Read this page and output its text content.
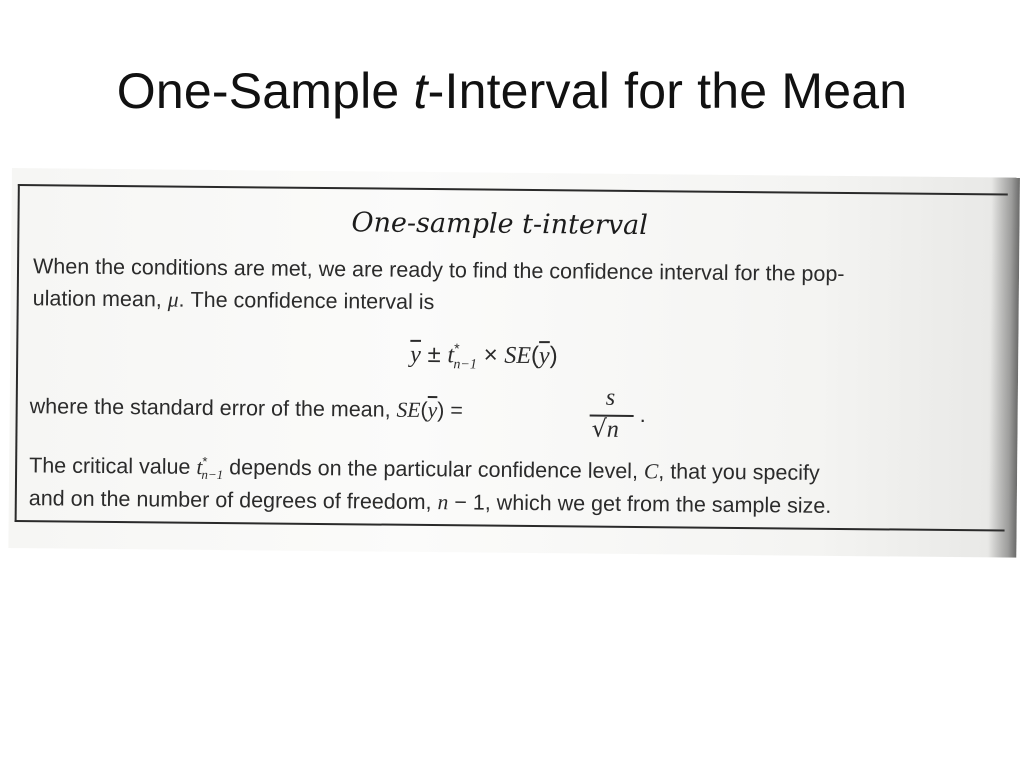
One-Sample t-Interval for the Mean
One-sample t-interval
When the conditions are met, we are ready to find the confidence interval for the pop-
ulation mean, μ. The confidence interval is
$\overline{y} \pm t^*_{n-1} \times SE(\overline{y})$
where the standard error of the mean, $SE(\overline{y})$ =	s
√n
.
The critical value $t^*_{n-1}$ depends on the particular confidence level, C, that you specify
and on the number of degrees of freedom, n − 1, which we get from the sample size.
